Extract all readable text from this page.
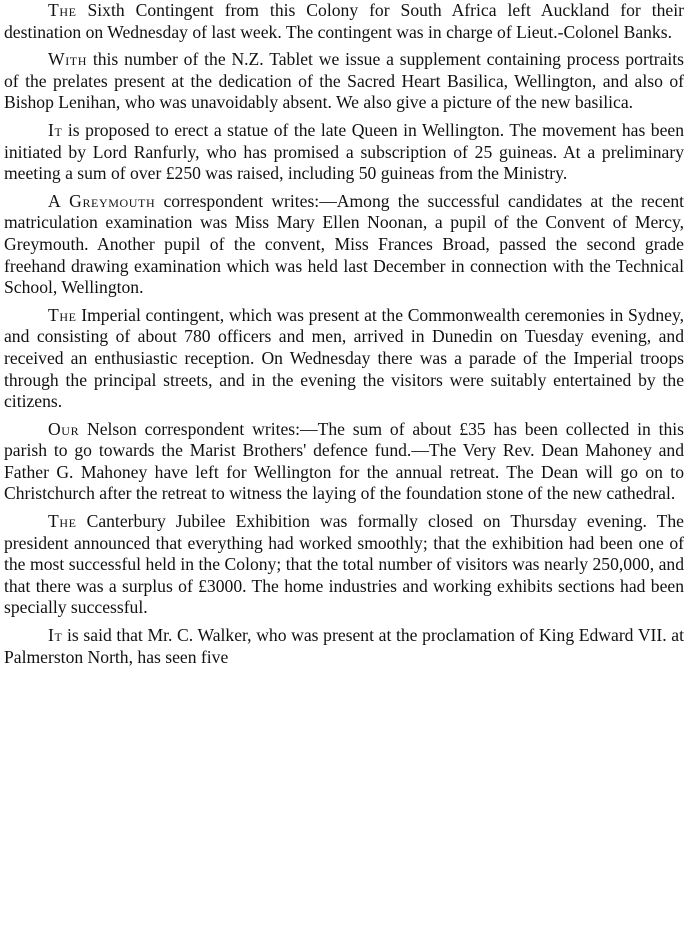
The Sixth Contingent from this Colony for South Africa left Auckland for their destination on Wednesday of last week. The contingent was in charge of Lieut.-Colonel Banks.

With this number of the N.Z. Tablet we issue a supplement containing process portraits of the prelates present at the dedication of the Sacred Heart Basilica, Wellington, and also of Bishop Lenihan, who was unavoidably absent. We also give a picture of the new basilica.

It is proposed to erect a statue of the late Queen in Wellington. The movement has been initiated by Lord Ranfurly, who has promised a subscription of 25 guineas. At a preliminary meeting a sum of over £250 was raised, including 50 guineas from the Ministry.

A Greymouth correspondent writes:—Among the successful candidates at the recent matriculation examination was Miss Mary Ellen Noonan, a pupil of the Convent of Mercy, Greymouth. Another pupil of the convent, Miss Frances Broad, passed the second grade freehand drawing examination which was held last December in connection with the Technical School, Wellington.

The Imperial contingent, which was present at the Commonwealth ceremonies in Sydney, and consisting of about 780 officers and men, arrived in Dunedin on Tuesday evening, and received an enthusiastic reception. On Wednesday there was a parade of the Imperial troops through the principal streets, and in the evening the visitors were suitably entertained by the citizens.

Our Nelson correspondent writes:—The sum of about £35 has been collected in this parish to go towards the Marist Brothers' defence fund.—The Very Rev. Dean Mahoney and Father G. Mahoney have left for Wellington for the annual retreat. The Dean will go on to Christchurch after the retreat to witness the laying of the foundation stone of the new cathedral.

The Canterbury Jubilee Exhibition was formally closed on Thursday evening. The president announced that everything had worked smoothly; that the exhibition had been one of the most successful held in the Colony; that the total number of visitors was nearly 250,000, and that there was a surplus of £3000. The home industries and working exhibits sections had been specially successful.

It is said that Mr. C. Walker, who was present at the proclamation of King Edward VII. at Palmerston North, has seen five
